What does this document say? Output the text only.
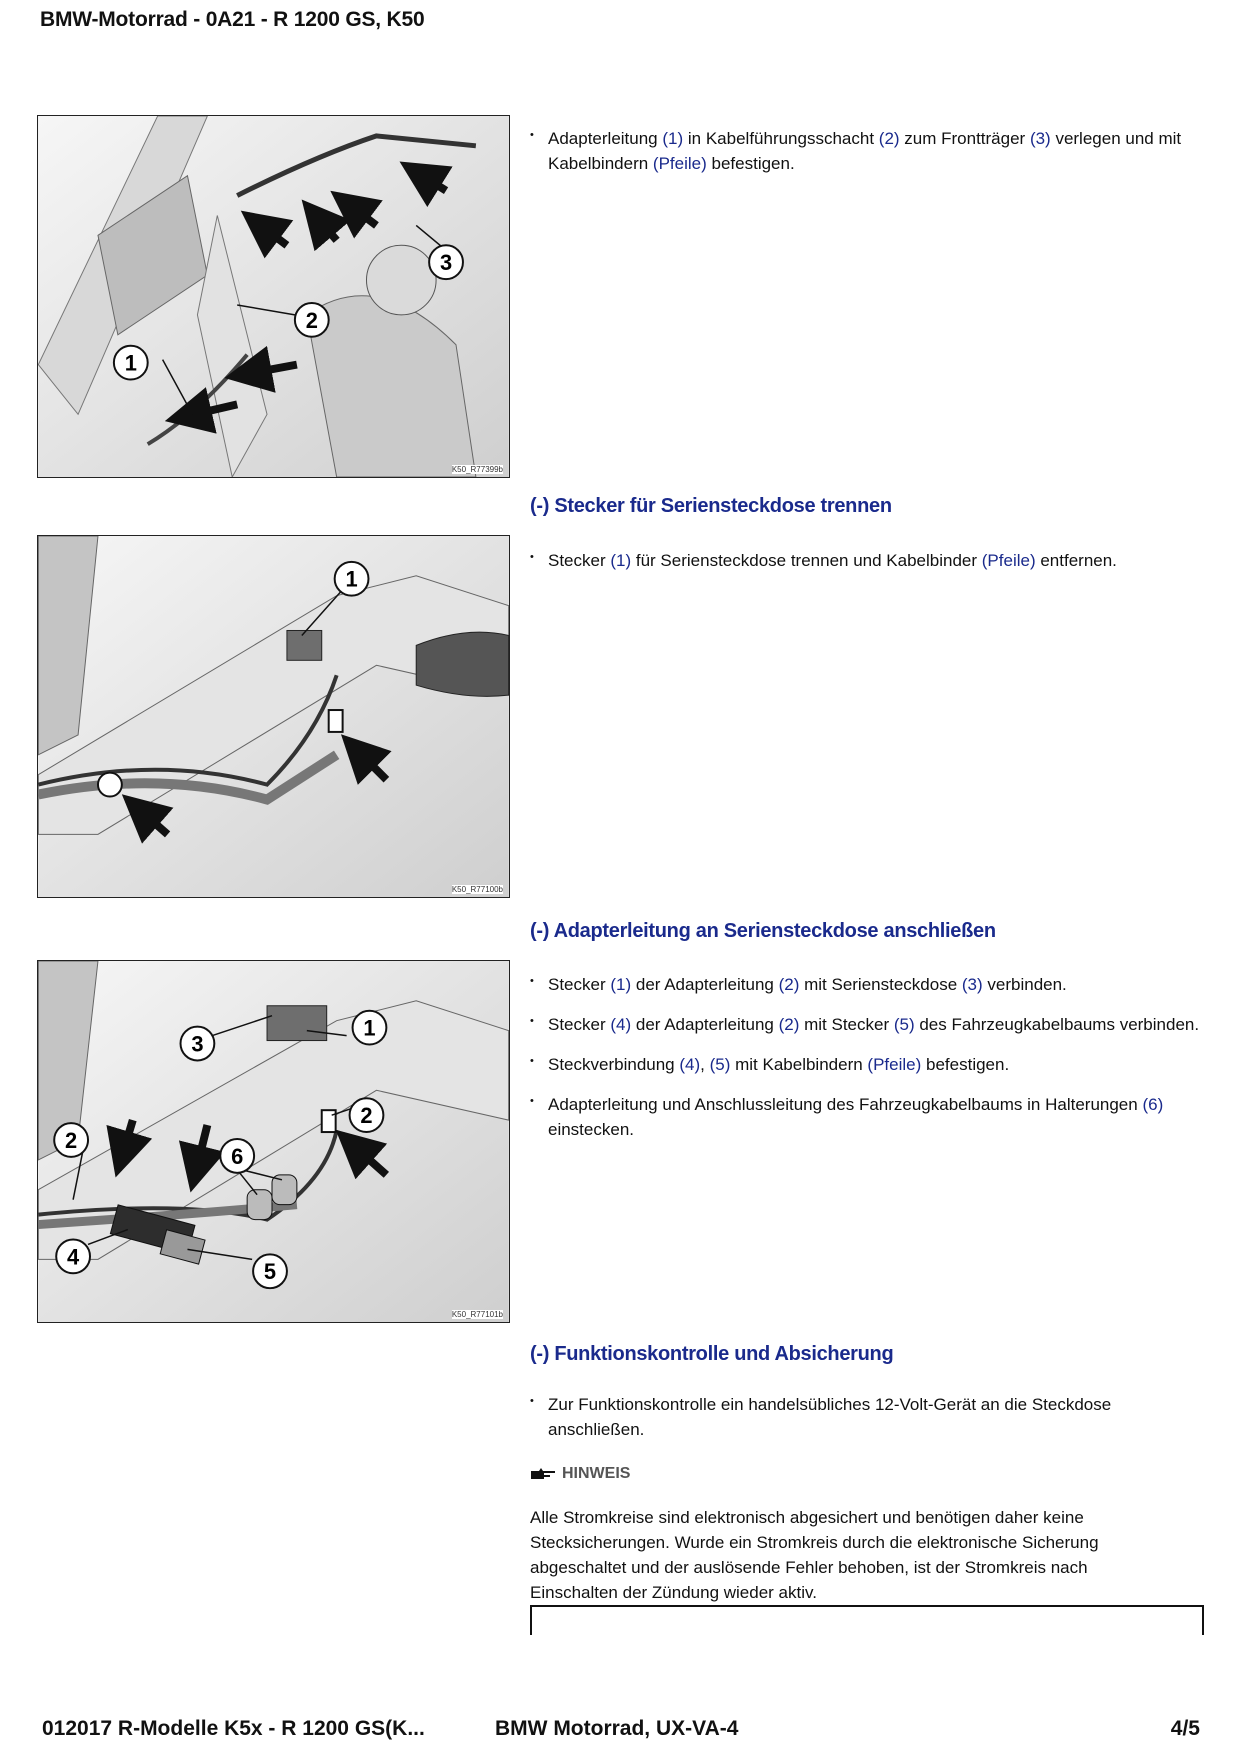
BMW-Motorrad - 0A21 - R 1200 GS, K50
1
2
3
K50_R77399b
• Adapterleitung (1) in Kabelführungsschacht (2) zum Frontträger (3) verlegen und mit Kabelbindern (Pfeile) befestigen.
(-) Stecker für Seriensteckdose trennen
1
K50_R77100b
• Stecker (1) für Seriensteckdose trennen und Kabelbinder (Pfeile) entfernen.
(-) Adapterleitung an Seriensteckdose anschließen
1
2
3
2
6
4
5
K50_R77101b
• Stecker (1) der Adapterleitung (2) mit Seriensteckdose (3) verbinden.
• Stecker (4) der Adapterleitung (2) mit Stecker (5) des Fahrzeugkabelbaums verbinden.
• Steckverbindung (4), (5) mit Kabelbindern (Pfeile) befestigen.
• Adapterleitung und Anschlussleitung des Fahrzeugkabelbaums in Halterungen (6) einstecken.
(-) Funktionskontrolle und Absicherung
• Zur Funktionskontrolle ein handelsübliches 12-Volt-Gerät an die Steckdose anschließen.
HINWEIS
Alle Stromkreise sind elektronisch abgesichert und benötigen daher keine Stecksicherungen. Wurde ein Stromkreis durch die elektronische Sicherung abgeschaltet und der auslösende Fehler behoben, ist der Stromkreis nach Einschalten der Zündung wieder aktiv.
012017 R-Modelle K5x - R 1200 GS(K...	BMW Motorrad, UX-VA-4	4/5
